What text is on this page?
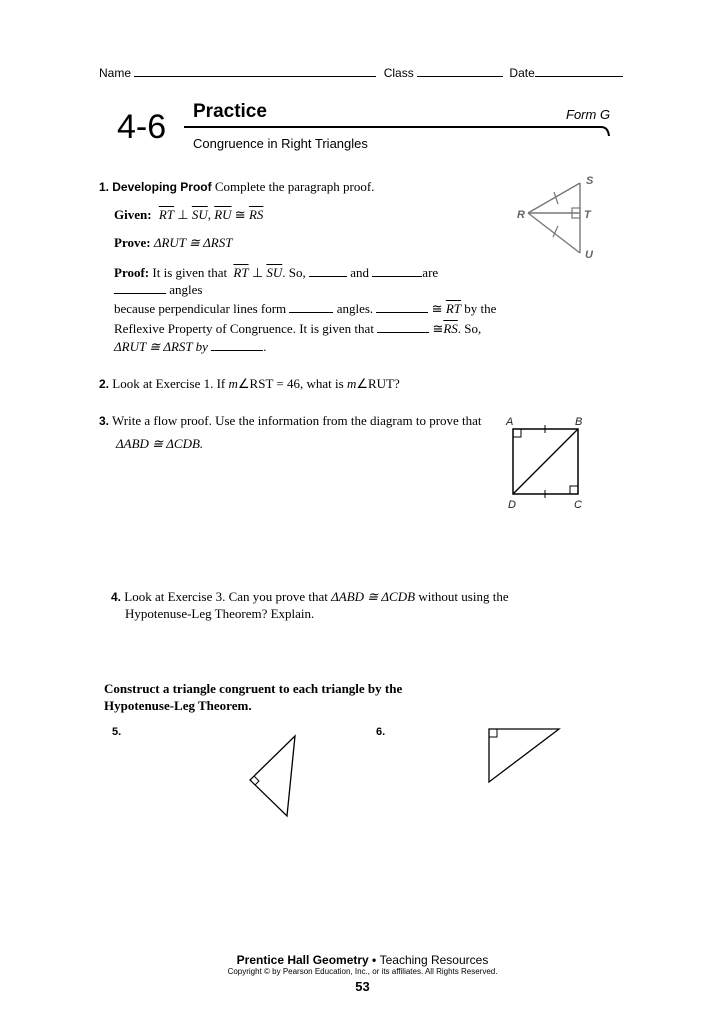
Name	Class	Date
4-6 Practice	Form G
Congruence in Right Triangles
1. Developing Proof Complete the paragraph proof.
Given: $\overline{RT}$ ⊥ $\overline{SU}$, $\overline{RU}$ ≅ $\overline{RS}$
Prove: ΔRUT ≅ ΔRST
Proof: It is given that $\overline{RT}$ ⊥ $\overline{SU}$. So,	and	are
angles
because perpendicular lines form	angles.	≅ $\overline{RT}$ by the
Reflexive Property of Congruence. It is given that	$≅\overline{RS}$. So,
ΔRUT ≅ ΔRST by	.
S
R	T
U
2. Look at Exercise 1. If m∠RST = 46, what is m∠RUT?
3. Write a flow proof. Use the information from the diagram to prove that
ΔABD ≅ ΔCDB.
A	B
D	C
4. Look at Exercise 3. Can you prove that ΔABD ≅ ΔCDB without using the
Hypotenuse-Leg Theorem? Explain.
Construct a triangle congruent to each triangle by the
Hypotenuse-Leg Theorem.
5.	6.
Prentice Hall Geometry • Teaching Resources
Copyright © by Pearson Education, Inc., or its affiliates. All Rights Reserved.
53
